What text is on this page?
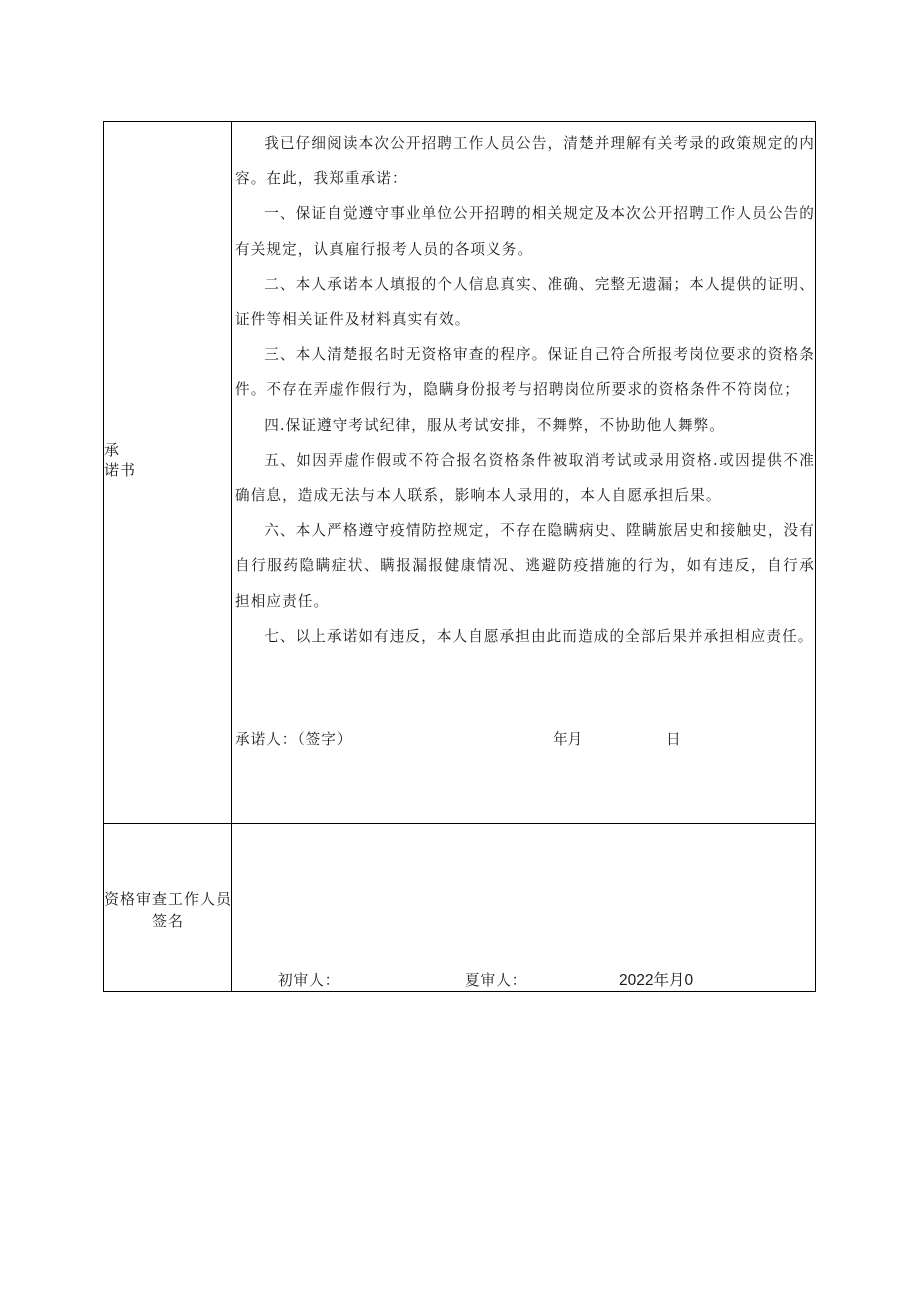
承
诺书

我已仔细阅读本次公开招聘工作人员公告，清楚并理解有关考录的政策规定的内容。在此，我郑重承诺：

一、保证自觉遵守事业单位公开招聘的相关规定及本次公开招聘工作人员公告的有关规定，认真雇行报考人员的各项义务。

二、本人承诺本人填报的个人信息真实、准确、完整无遗漏；本人提供的证明、证件等相关证件及材料真实有效。

三、本人清楚报名时无资格审查的程序。保证自己符合所报考岗位要求的资格条件。不存在弄虚作假行为，隐瞒身份报考与招聘岗位所要求的资格条件不符岗位；

四.保证遵守考试纪律，服从考试安排，不舞弊，不协助他人舞弊。

五、如因弄虚作假或不符合报名资格条件被取消考试或录用资格.或因提供不准确信息，造成无法与本人联系，影响本人录用的，本人自愿承担后果。

六、本人严格遵守疫情防控规定，不存在隐瞒病史、陞瞒旅居史和接触史，没有自行服药隐瞒症状、瞒报漏报健康情况、逃避防疫措施的行为，如有违反，自行承担相应责任。

七、以上承诺如有违反，本人自愿承担由此而造成的全部后果并承担相应责任。

承诺人：（签字）	年月	日
资格审查工作人员签名
初审人：	夏审人：	2022年月0
